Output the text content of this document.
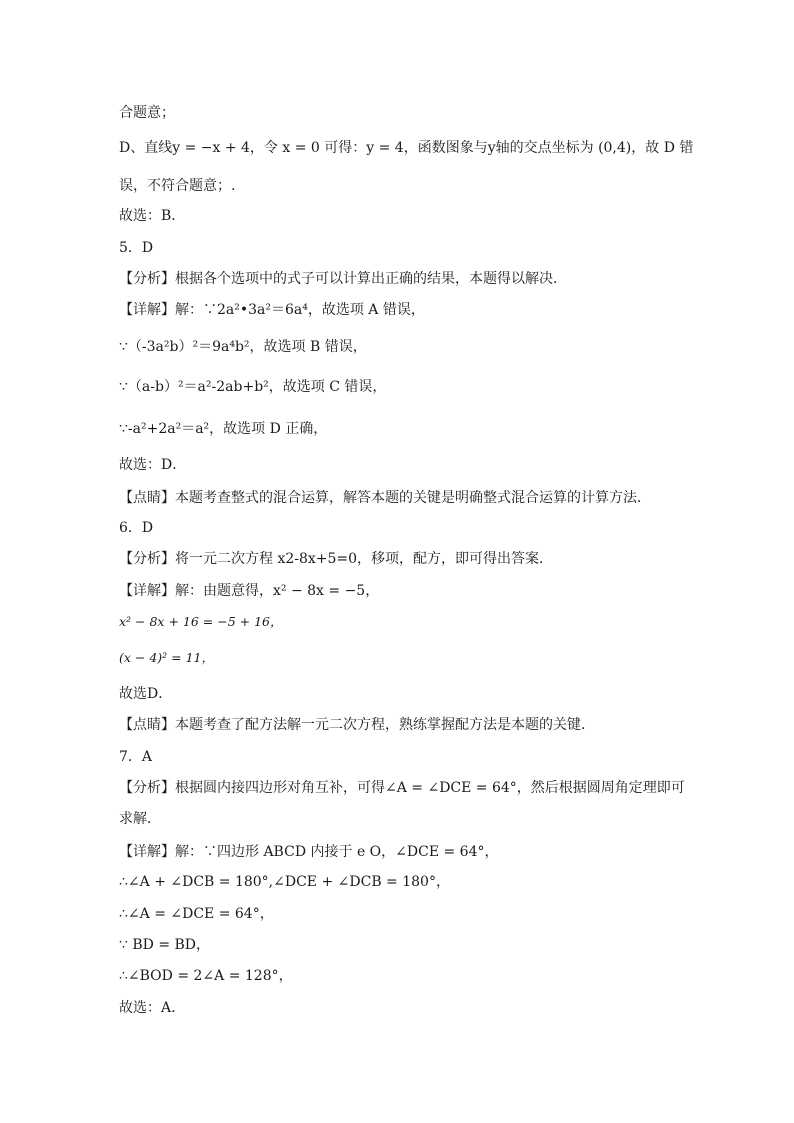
合题意；
D、直线y = −x + 4，令 x = 0 可得：y = 4，函数图象与y轴的交点坐标为 (0,4)，故 D 错
误，不符合题意；.
故选：B．
5．D
【分析】根据各个选项中的式子可以计算出正确的结果，本题得以解决．
【详解】解：∵2a²•3a²＝6a⁴，故选项 A 错误，
∵（-3a²b）²＝9a⁴b²，故选项 B 错误，
∵（a-b）²＝a²-2ab+b²，故选项 C 错误，
∵-a²+2a²＝a²，故选项 D 正确，
故选：D．
【点睛】本题考查整式的混合运算，解答本题的关键是明确整式混合运算的计算方法．
6．D
【分析】将一元二次方程 x2-8x+5=0，移项，配方，即可得出答案．
【详解】解：由题意得，x² − 8x = −5，
x² − 8x + 16 = −5 + 16，
(x − 4)² = 11，
故选D．
【点睛】本题考查了配方法解一元二次方程，熟练掌握配方法是本题的关键．
7．A
【分析】根据圆内接四边形对角互补，可得∠A = ∠DCE = 64°，然后根据圆周角定理即可
求解．
【详解】解：∵四边形 ABCD 内接于 e O，∠DCE = 64°，
∴∠A + ∠DCB = 180°,∠DCE + ∠DCB = 180°，
∴∠A = ∠DCE = 64°，
∵ BD = BD，
∴∠BOD = 2∠A = 128°，
故选：A．
